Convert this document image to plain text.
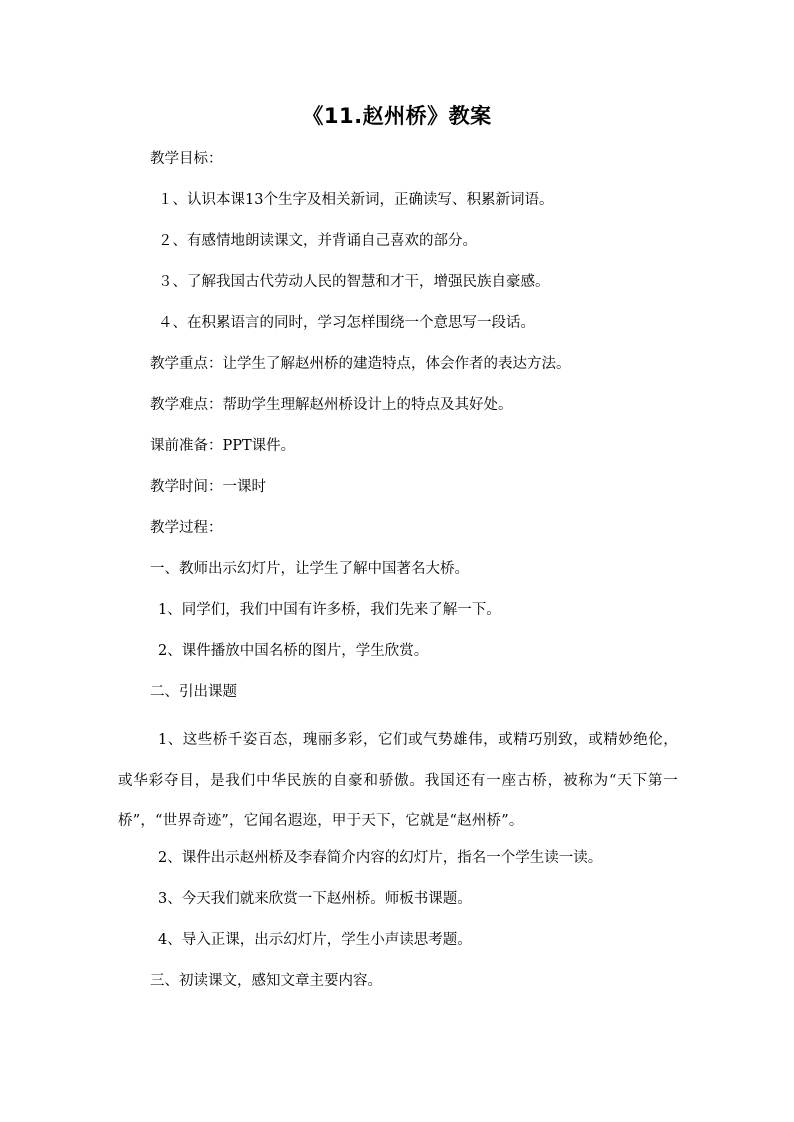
《11.赵州桥》教案
教学目标：
１、认识本课13个生字及相关新词，正确读写、积累新词语。
２、有感情地朗读课文，并背诵自己喜欢的部分。
３、了解我国古代劳动人民的智慧和才干，增强民族自豪感。
４、在积累语言的同时，学习怎样围绕一个意思写一段话。
教学重点：让学生了解赵州桥的建造特点，体会作者的表达方法。
教学难点：帮助学生理解赵州桥设计上的特点及其好处。
课前准备：PPT课件。
教学时间：一课时
教学过程：
一、教师出示幻灯片，让学生了解中国著名大桥。
1、同学们，我们中国有许多桥，我们先来了解一下。
2、课件播放中国名桥的图片，学生欣赏。
二、引出课题
1、这些桥千姿百态，瑰丽多彩，它们或气势雄伟，或精巧别致，或精妙绝伦，或华彩夺目，是我们中华民族的自豪和骄傲。我国还有一座古桥，被称为“天下第一桥”，“世界奇迹”，它闻名遐迩，甲于天下，它就是“赵州桥”。
2、课件出示赵州桥及李春简介内容的幻灯片，指名一个学生读一读。
3、今天我们就来欣赏一下赵州桥。师板书课题。
4、导入正课，出示幻灯片，学生小声读思考题。
三、初读课文，感知文章主要内容。
